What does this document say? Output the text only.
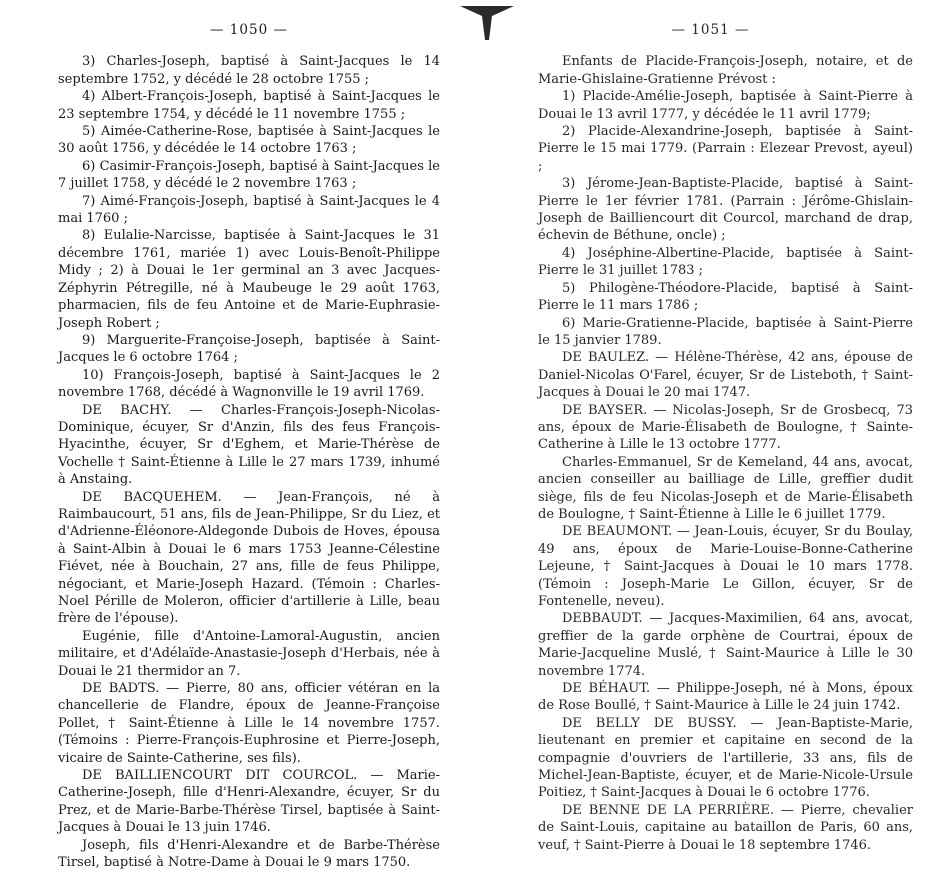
— 1050 —

3) Charles-Joseph, baptisé à Saint-Jacques le 14 septembre 1752, y décédé le 28 octobre 1755 ;

4) Albert-François-Joseph, baptisé à Saint-Jacques le 23 septembre 1754, y décédé le 11 novembre 1755 ;

5) Aimée-Catherine-Rose, baptisée à Saint-Jacques le 30 août 1756, y décédée le 14 octobre 1763 ;

6) Casimir-François-Joseph, baptisé à Saint-Jacques le 7 juillet 1758, y décédé le 2 novembre 1763 ;

7) Aimé-François-Joseph, baptisé à Saint-Jacques le 4 mai 1760 ;

8) Eulalie-Narcisse, baptisée à Saint-Jacques le 31 décembre 1761, mariée 1) avec Louis-Benoît-Philippe Midy ; 2) à Douai le 1er germinal an 3 avec Jacques-Zéphyrin Pétregille, né à Maubeuge le 29 août 1763, pharmacien, fils de feu Antoine et de Marie-Euphrasie-Joseph Robert ;

9) Marguerite-Françoise-Joseph, baptisée à Saint-Jacques le 6 octobre 1764 ;

10) François-Joseph, baptisé à Saint-Jacques le 2 novembre 1768, décédé à Wagnonville le 19 avril 1769.

DE BACHY. — Charles-François-Joseph-Nicolas-Dominique, écuyer, Sr d'Anzin, fils des feus François-Hyacinthe, écuyer, Sr d'Eghem, et Marie-Thérèse de Vochelle † Saint-Étienne à Lille le 27 mars 1739, inhumé à Anstaing.

DE BACQUEHEM. — Jean-François, né à Raimbaucourt, 51 ans, fils de Jean-Philippe, Sr du Liez, et d'Adrienne-Éléonore-Aldegonde Dubois de Hoves, épousa à Saint-Albin à Douai le 6 mars 1753 Jeanne-Célestine Fiévet, née à Bouchain, 27 ans, fille de feus Philippe, négociant, et Marie-Joseph Hazard. (Témoin : Charles-Noel Pérille de Moleron, officier d'artillerie à Lille, beau frère de l'épouse).

Eugénie, fille d'Antoine-Lamoral-Augustin, ancien militaire, et d'Adélaïde-Anastasie-Joseph d'Herbais, née à Douai le 21 thermidor an 7.

DE BADTS. — Pierre, 80 ans, officier vétéran en la chancellerie de Flandre, époux de Jeanne-Françoise Pollet, † Saint-Étienne à Lille le 14 novembre 1757. (Témoins : Pierre-François-Euphrosine et Pierre-Joseph, vicaire de Sainte-Catherine, ses fils).

DE BAILLIENCOURT DIT COURCOL. — Marie-Catherine-Joseph, fille d'Henri-Alexandre, écuyer, Sr du Prez, et de Marie-Barbe-Thérèse Tirsel, baptisée à Saint-Jacques à Douai le 13 juin 1746.

Joseph, fils d'Henri-Alexandre et de Barbe-Thérèse Tirsel, baptisé à Notre-Dame à Douai le 9 mars 1750.

— 1051 —

Enfants de Placide-François-Joseph, notaire, et de Marie-Ghislaine-Gratienne Prévost :

1) Placide-Amélie-Joseph, baptisée à Saint-Pierre à Douai le 13 avril 1777, y décédée le 11 avril 1779;

2) Placide-Alexandrine-Joseph, baptisée à Saint-Pierre le 15 mai 1779. (Parrain : Elezear Prevost, ayeul) ;

3) Jérome-Jean-Baptiste-Placide, baptisé à Saint-Pierre le 1er février 1781. (Parrain : Jérôme-Ghislain-Joseph de Bailliencourt dit Courcol, marchand de drap, échevin de Béthune, oncle) ;

4) Joséphine-Albertine-Placide, baptisée à Saint-Pierre le 31 juillet 1783 ;

5) Philogène-Théodore-Placide, baptisé à Saint-Pierre le 11 mars 1786 ;

6) Marie-Gratienne-Placide, baptisée à Saint-Pierre le 15 janvier 1789.

DE BAULEZ. — Hélène-Thérèse, 42 ans, épouse de Daniel-Nicolas O'Farel, écuyer, Sr de Listeboth, † Saint-Jacques à Douai le 20 mai 1747.

DE BAYSER. — Nicolas-Joseph, Sr de Grosbecq, 73 ans, époux de Marie-Élisabeth de Boulogne, † Sainte-Catherine à Lille le 13 octobre 1777.

Charles-Emmanuel, Sr de Kemeland, 44 ans, avocat, ancien conseiller au bailliage de Lille, greffier dudit siège, fils de feu Nicolas-Joseph et de Marie-Élisabeth de Boulogne, † Saint-Étienne à Lille le 6 juillet 1779.

DE BEAUMONT. — Jean-Louis, écuyer, Sr du Boulay, 49 ans, époux de Marie-Louise-Bonne-Catherine Lejeune, † Saint-Jacques à Douai le 10 mars 1778. (Témoin : Joseph-Marie Le Gillon, écuyer, Sr de Fontenelle, neveu).

DEBBAUDT. — Jacques-Maximilien, 64 ans, avocat, greffier de la garde orphène de Courtrai, époux de Marie-Jacqueline Muslé, † Saint-Maurice à Lille le 30 novembre 1774.

DE BÉHAUT. — Philippe-Joseph, né à Mons, époux de Rose Boullé, † Saint-Maurice à Lille le 24 juin 1742.

DE BELLY DE BUSSY. — Jean-Baptiste-Marie, lieutenant en premier et capitaine en second de la compagnie d'ouvriers de l'artillerie, 33 ans, fils de Michel-Jean-Baptiste, écuyer, et de Marie-Nicole-Ursule Poitiez, † Saint-Jacques à Douai le 6 octobre 1776.

DE BENNE DE LA PERRIÈRE. — Pierre, chevalier de Saint-Louis, capitaine au bataillon de Paris, 60 ans, veuf, † Saint-Pierre à Douai le 18 septembre 1746.
